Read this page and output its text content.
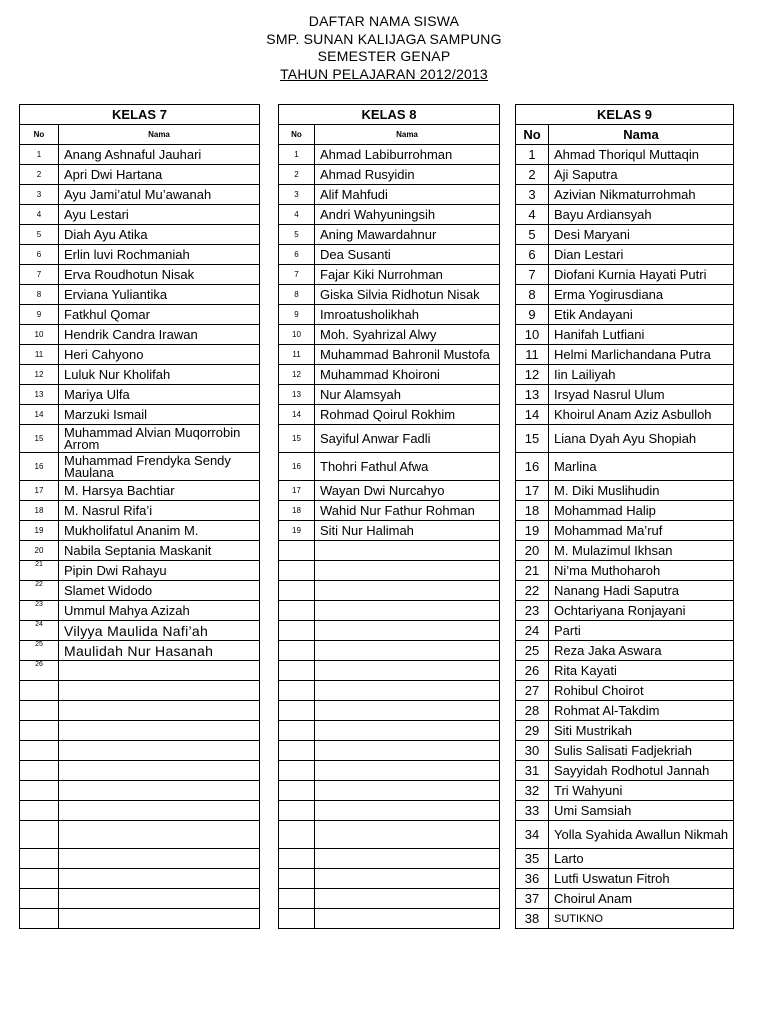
DAFTAR NAMA SISWA
SMP. SUNAN KALIJAGA SAMPUNG
SEMESTER GENAP
TAHUN PELAJARAN 2012/2013
KELAS 7	
No	Nama
1	Anang Ashnaful Jauhari
2	Apri Dwi Hartana
3	Ayu Jami’atul Mu’awanah
4	Ayu Lestari
5	Diah Ayu Atika
6	Erlin luvi Rochmaniah
7	Erva Roudhotun Nisak
8	Erviana Yuliantika
9	Fatkhul Qomar
10	Hendrik Candra Irawan
11	Heri Cahyono
12	Luluk Nur Kholifah
13	Mariya Ulfa
14	Marzuki Ismail
15	Muhammad Alvian Muqorrobin Arrom
16	Muhammad Frendyka Sendy Maulana
17	M. Harsya Bachtiar
18	M. Nasrul Rifa’i
19	Mukholifatul Ananim M.
20	Nabila Septania Maskanit
21	Pipin Dwi Rahayu
22	Slamet Widodo
23	Ummul Mahya Azizah
24	Vilyya Maulida Nafi’ah
25	Maulidah Nur Hasanah
26	

KELAS 8	
No	Nama
1	Ahmad Labiburrohman
2	Ahmad Rusyidin
3	Alif Mahfudi
4	Andri Wahyuningsih
5	Aning Mawardahnur
6	Dea Susanti
7	Fajar Kiki Nurrohman
8	Giska Silvia Ridhotun Nisak
9	Imroatusholikhah
10	Moh. Syahrizal Alwy
11	Muhammad Bahronil Mustofa
12	Muhammad Khoironi
13	Nur Alamsyah
14	Rohmad Qoirul Rokhim
15	Sayiful Anwar Fadli
16	Thohri Fathul Afwa
17	Wayan Dwi Nurcahyo
18	Wahid Nur Fathur Rohman
19	Siti Nur Halimah

KELAS 9	
No	Nama
1	Ahmad Thoriqul Muttaqin
2	Aji Saputra
3	Azivian Nikmaturrohmah
4	Bayu Ardiansyah
5	Desi Maryani
6	Dian Lestari
7	Diofani Kurnia Hayati Putri
8	Erma Yogirusdiana
9	Etik Andayani
10	Hanifah Lutfiani
11	Helmi Marlichandana Putra
12	Iin Lailiyah
13	Irsyad Nasrul Ulum
14	Khoirul Anam Aziz Asbulloh
15	Liana Dyah Ayu Shopiah
16	Marlina
17	M. Diki Muslihudin
18	Mohammad Halip
19	Mohammad Ma’ruf
20	M. Mulazimul Ikhsan
21	Ni’ma Muthoharoh
22	Nanang Hadi Saputra
23	Ochtariyana Ronjayani
24	Parti
25	Reza Jaka Aswara
26	Rita Kayati
27	Rohibul Choirot
28	Rohmat Al-Takdim
29	Siti Mustrikah
30	Sulis Salisati Fadjekriah
31	Sayyidah Rodhotul Jannah
32	Tri Wahyuni
33	Umi Samsiah
34	Yolla Syahida Awallun Nikmah
35	Larto
36	Lutfi Uswatun Fitroh
37	Choirul Anam
38	SUTIKNO
